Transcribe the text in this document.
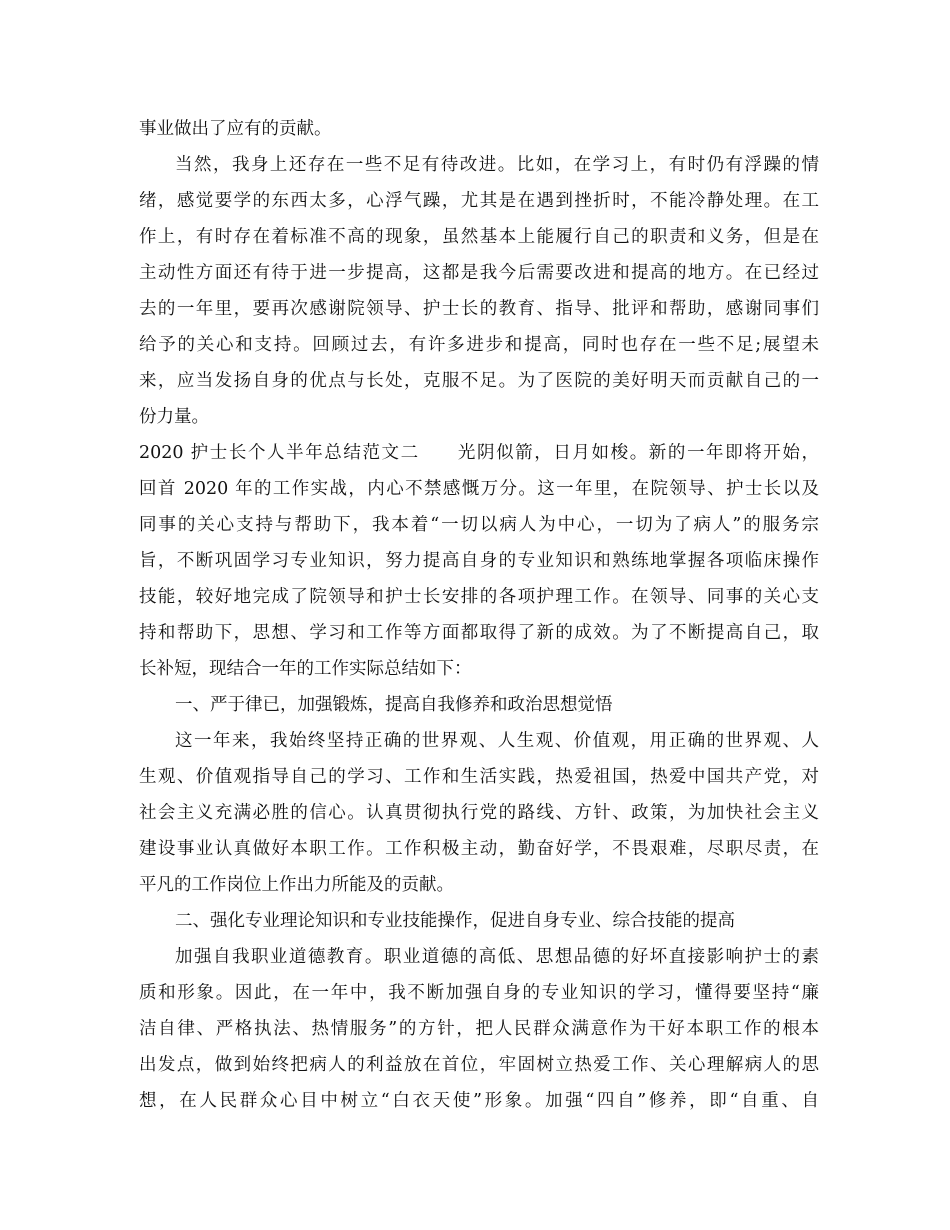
事业做出了应有的贡献。
当然，我身上还存在一些不足有待改进。比如，在学习上，有时仍有浮躁的情
绪，感觉要学的东西太多，心浮气躁，尤其是在遇到挫折时，不能冷静处理。在工
作上，有时存在着标准不高的现象，虽然基本上能履行自己的职责和义务，但是在
主动性方面还有待于进一步提高，这都是我今后需要改进和提高的地方。在已经过
去的一年里，要再次感谢院领导、护士长的教育、指导、批评和帮助，感谢同事们
给予的关心和支持。回顾过去，有许多进步和提高，同时也存在一些不足;展望未
来，应当发扬自身的优点与长处，克服不足。为了医院的美好明天而贡献自己的一
份力量。
2020 护士长个人半年总结范文二　　光阴似箭，日月如梭。新的一年即将开始，
回首 2020 年的工作实战，内心不禁感慨万分。这一年里，在院领导、护士长以及
同事的关心支持与帮助下，我本着“一切以病人为中心，一切为了病人”的服务宗
旨，不断巩固学习专业知识，努力提高自身的专业知识和熟练地掌握各项临床操作
技能，较好地完成了院领导和护士长安排的各项护理工作。在领导、同事的关心支
持和帮助下，思想、学习和工作等方面都取得了新的成效。为了不断提高自己，取
长补短，现结合一年的工作实际总结如下：
一、严于律已，加强锻炼，提高自我修养和政治思想觉悟
这一年来，我始终坚持正确的世界观、人生观、价值观，用正确的世界观、人
生观、价值观指导自己的学习、工作和生活实践，热爱祖国，热爱中国共产党，对
社会主义充满必胜的信心。认真贯彻执行党的路线、方针、政策，为加快社会主义
建设事业认真做好本职工作。工作积极主动，勤奋好学，不畏艰难，尽职尽责，在
平凡的工作岗位上作出力所能及的贡献。
二、强化专业理论知识和专业技能操作，促进自身专业、综合技能的提高
加强自我职业道德教育。职业道德的高低、思想品德的好坏直接影响护士的素
质和形象。因此，在一年中，我不断加强自身的专业知识的学习，懂得要坚持“廉
洁自律、严格执法、热情服务”的方针，把人民群众满意作为干好本职工作的根本
出发点，做到始终把病人的利益放在首位，牢固树立热爱工作、关心理解病人的思
想，在人民群众心目中树立“白衣天使”形象。加强“四自”修养，即“自重、自
